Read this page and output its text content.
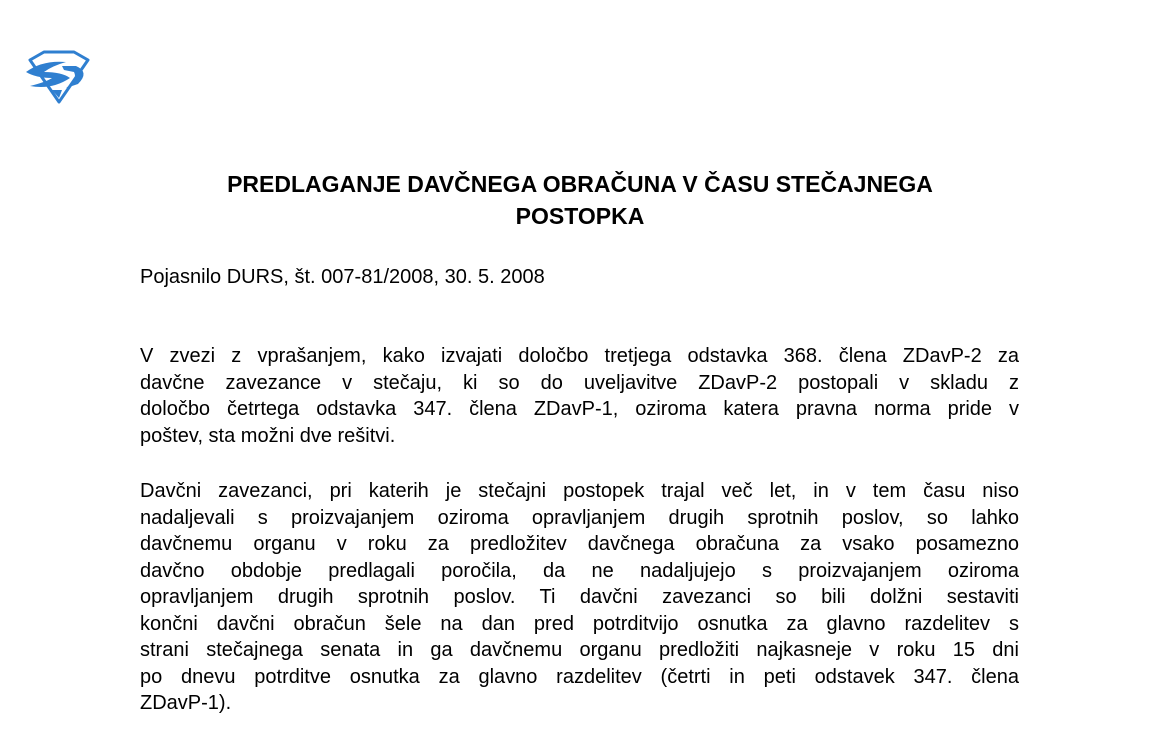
PREDLAGANJE DAVČNEGA OBRAČUNA V ČASU STEČAJNEGA
POSTOPKA

Pojasnilo DURS, št. 007-81/2008, 30. 5. 2008

V zvezi z vprašanjem, kako izvajati določbo tretjega odstavka 368. člena ZDavP-2 za
davčne zavezance v stečaju, ki so do uveljavitve ZDavP-2 postopali v skladu z
določbo četrtega odstavka 347. člena ZDavP-1, oziroma katera pravna norma pride v
poštev, sta možni dve rešitvi.
Davčni zavezanci, pri katerih je stečajni postopek trajal več let, in v tem času niso
nadaljevali s proizvajanjem oziroma opravljanjem drugih sprotnih poslov, so lahko
davčnemu organu v roku za predložitev davčnega obračuna za vsako posamezno
davčno obdobje predlagali poročila, da ne nadaljujejo s proizvajanjem oziroma
opravljanjem drugih sprotnih poslov. Ti davčni zavezanci so bili dolžni sestaviti
končni davčni obračun šele na dan pred potrditvijo osnutka za glavno razdelitev s
strani stečajnega senata in ga davčnemu organu predložiti najkasneje v roku 15 dni
po dnevu potrditve osnutka za glavno razdelitev (četrti in peti odstavek 347. člena
ZDavP-1).
